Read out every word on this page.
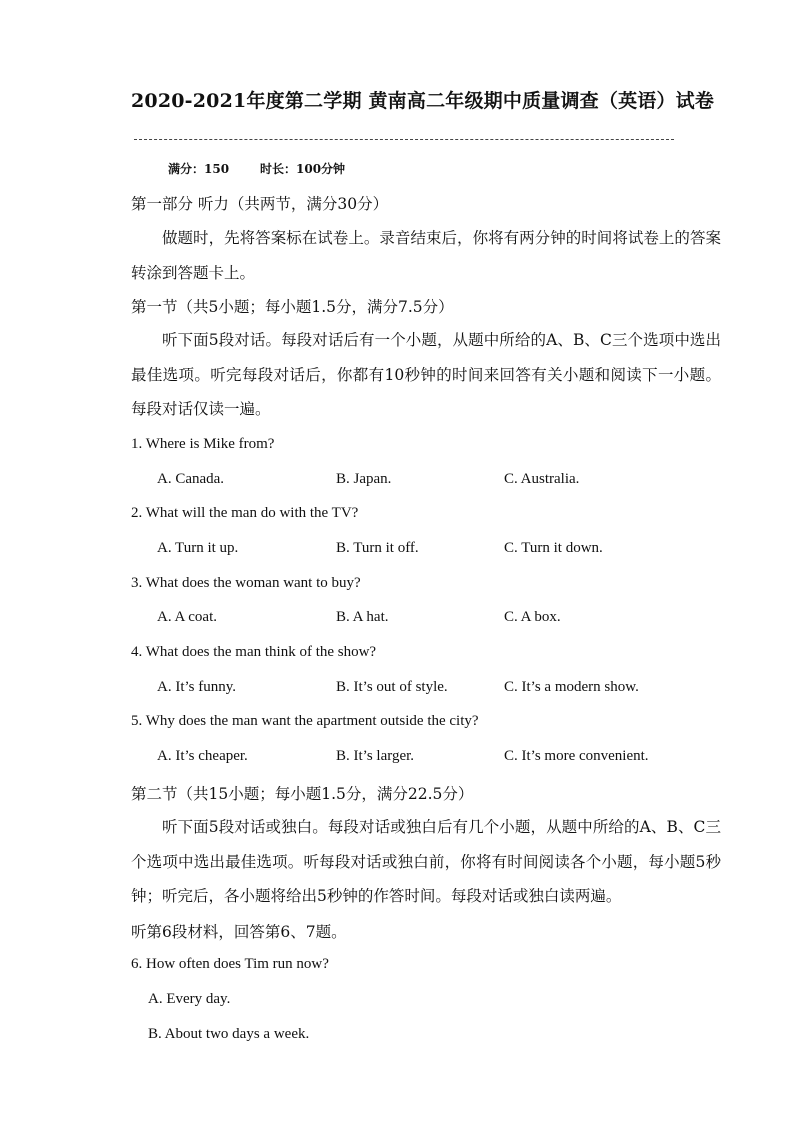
2020-2021年度第二学期 黄南高二年级期中质量调查（英语）试卷
满分：150	时长：100分钟
第一部分 听力（共两节，满分30分）
做题时，先将答案标在试卷上。录音结束后，你将有两分钟的时间将试卷上的答案转涂到答题卡上。
第一节（共5小题；每小题1.5分，满分7.5分）
听下面5段对话。每段对话后有一个小题，从题中所给的A、B、C三个选项中选出最佳选项。听完每段对话后，你都有10秒钟的时间来回答有关小题和阅读下一小题。每段对话仅读一遍。
1. Where is Mike from?
A. Canada.	B. Japan.	C. Australia.
2. What will the man do with the TV?
A. Turn it up.	B. Turn it off.	C. Turn it down.
3. What does the woman want to buy?
A. A coat.	B. A hat.	C. A box.
4. What does the man think of the show?
A. It’s funny.	B. It’s out of style.	C. It’s a modern show.
5. Why does the man want the apartment outside the city?
A. It’s cheaper.	B. It’s larger.	C. It’s more convenient.
第二节（共15小题；每小题1.5分，满分22.5分）
听下面5段对话或独白。每段对话或独白后有几个小题，从题中所给的A、B、C三个选项中选出最佳选项。听每段对话或独白前，你将有时间阅读各个小题，每小题5秒钟；听完后，各小题将给出5秒钟的作答时间。每段对话或独白读两遍。
听第6段材料，回答第6、7题。
6. How often does Tim run now?
A. Every day.
B. About two days a week.
